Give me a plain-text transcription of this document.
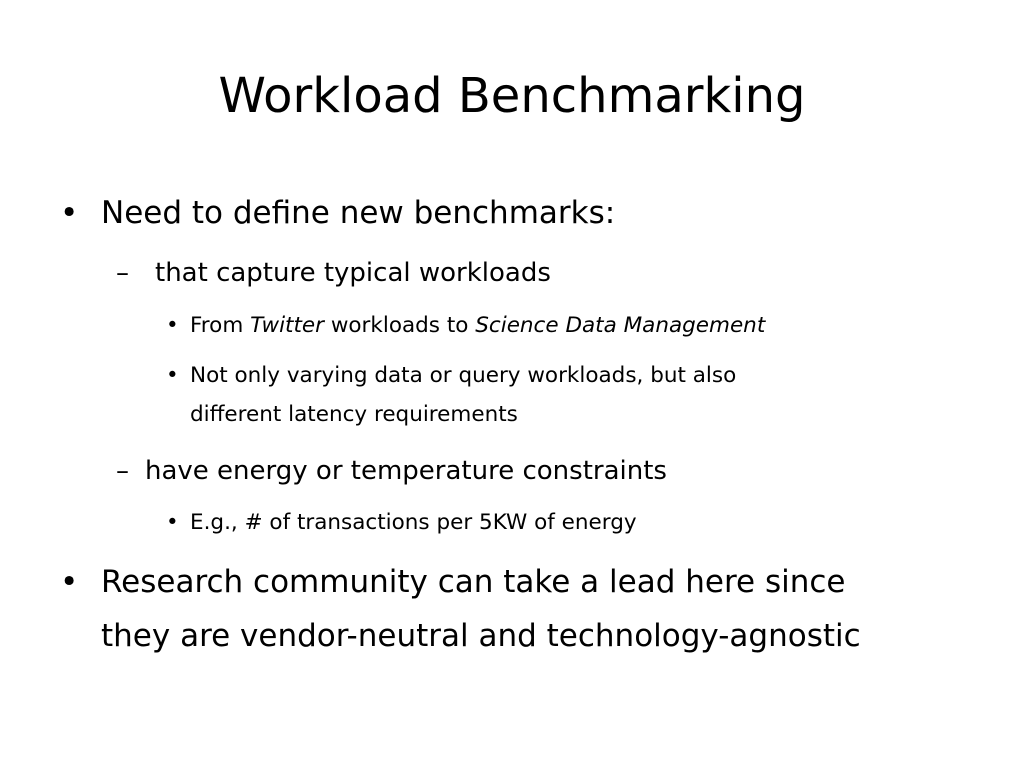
Workload Benchmarking
• Need to define new benchmarks:
– that capture typical workloads
• From Twitter workloads to Science Data Management
• Not only varying data or query workloads, but also
different latency requirements
– have energy or temperature constraints
• E.g., # of transactions per 5KW of energy
• Research community can take a lead here since
they are vendor-neutral and technology-agnostic
